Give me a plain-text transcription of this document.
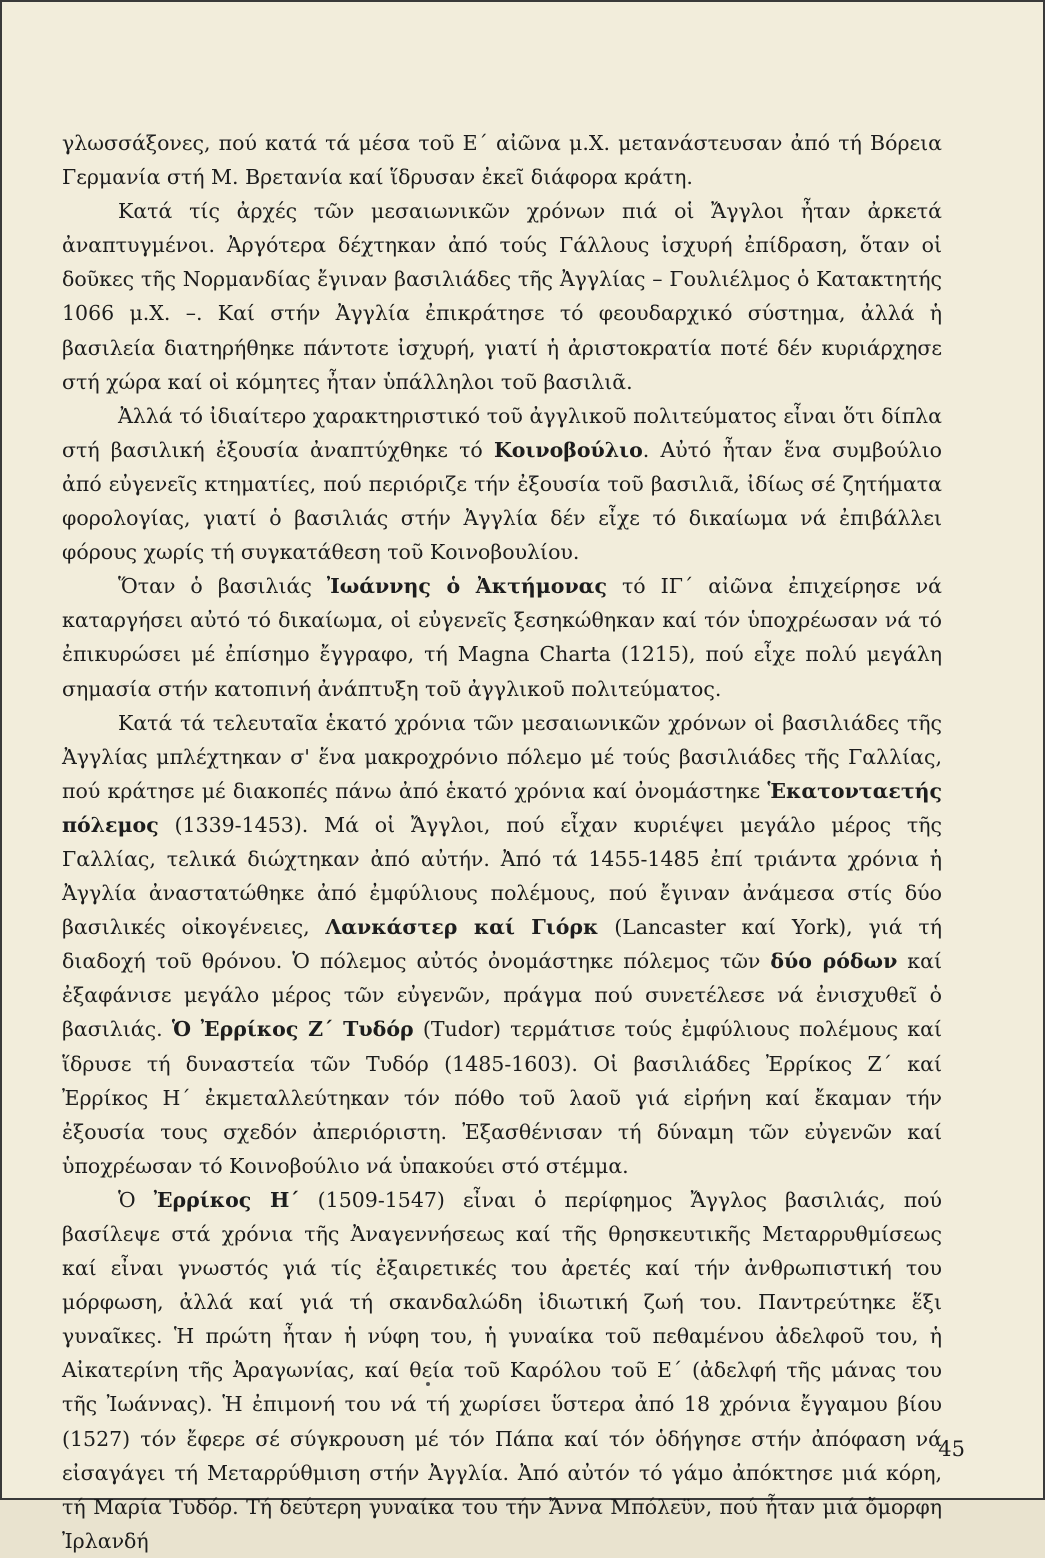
γλωσσάξονες, πού κατά τά μέσα τοῦ Ε΄ αἰῶνα μ.Χ. μετανάστευσαν ἀπό τή Βόρεια Γερμανία στή Μ. Βρετανία καί ἵδρυσαν ἐκεῖ διάφορα κράτη.

Κατά τίς ἀρχές τῶν μεσαιωνικῶν χρόνων πιά οἱ Ἄγγλοι ἦταν ἀρκετά ἀναπτυγμένοι. Ἀργότερα δέχτηκαν ἀπό τούς Γάλλους ἰσχυρή ἐπίδραση, ὅταν οἱ δοῦκες τῆς Νορμανδίας ἔγιναν βασιλιάδες τῆς Ἀγγλίας – Γουλιέλμος ὁ Κατακτητής 1066 μ.Χ. –. Καί στήν Ἀγγλία ἐπικράτησε τό φεουδαρχικό σύστημα, ἀλλά ἡ βασιλεία διατηρήθηκε πάντοτε ἰσχυρή, γιατί ἡ ἀριστοκρατία ποτέ δέν κυριάρχησε στή χώρα καί οἱ κόμητες ἦταν ὑπάλληλοι τοῦ βασιλιᾶ.

Ἀλλά τό ἰδιαίτερο χαρακτηριστικό τοῦ ἀγγλικοῦ πολιτεύματος εἶναι ὅτι δίπλα στή βασιλική ἐξουσία ἀναπτύχθηκε τό Κοινοβούλιο. Αὐτό ἦταν ἕνα συμβούλιο ἀπό εὐγενεῖς κτηματίες, πού περιόριζε τήν ἐξουσία τοῦ βασιλιᾶ, ἰδίως σέ ζητήματα φορολογίας, γιατί ὁ βασιλιάς στήν Ἀγγλία δέν εἶχε τό δικαίωμα νά ἐπιβάλλει φόρους χωρίς τή συγκατάθεση τοῦ Κοινοβουλίου.

Ὅταν ὁ βασιλιάς Ἰωάννης ὁ Ἀκτήμονας τό ΙΓ΄ αἰῶνα ἐπιχείρησε νά καταργήσει αὐτό τό δικαίωμα, οἱ εὐγενεῖς ξεσηκώθηκαν καί τόν ὑποχρέωσαν νά τό ἐπικυρώσει μέ ἐπίσημο ἔγγραφο, τή Magna Charta (1215), πού εἶχε πολύ μεγάλη σημασία στήν κατοπινή ἀνάπτυξη τοῦ ἀγγλικοῦ πολιτεύματος.

Κατά τά τελευταῖα ἑκατό χρόνια τῶν μεσαιωνικῶν χρόνων οἱ βασιλιάδες τῆς Ἀγγλίας μπλέχτηκαν σ' ἕνα μακροχρόνιο πόλεμο μέ τούς βασιλιάδες τῆς Γαλλίας, πού κράτησε μέ διακοπές πάνω ἀπό ἑκατό χρόνια καί ὀνομάστηκε Ἑκατονταετής πόλεμος (1339-1453). Μά οἱ Ἄγγλοι, πού εἶχαν κυριέψει μεγάλο μέρος τῆς Γαλλίας, τελικά διώχτηκαν ἀπό αὐτήν. Ἀπό τά 1455-1485 ἐπί τριάντα χρόνια ἡ Ἀγγλία ἀναστατώθηκε ἀπό ἐμφύλιους πολέμους, πού ἔγιναν ἀνάμεσα στίς δύο βασιλικές οἰκογένειες, Λανκάστερ καί Γιόρκ (Lancaster καί York), γιά τή διαδοχή τοῦ θρόνου. Ὁ πόλεμος αὐτός ὀνομάστηκε πόλεμος τῶν δύο ρόδων καί ἐξαφάνισε μεγάλο μέρος τῶν εὐγενῶν, πράγμα πού συνετέλεσε νά ἐνισχυθεῖ ὁ βασιλιάς. Ὁ Ἐρρίκος Ζ΄ Τυδόρ (Tudor) τερμάτισε τούς ἐμφύλιους πολέμους καί ἵδρυσε τή δυναστεία τῶν Τυδόρ (1485-1603). Οἱ βασιλιάδες Ἐρρίκος Ζ΄ καί Ἐρρίκος Η΄ ἐκμεταλλεύτηκαν τόν πόθο τοῦ λαοῦ γιά εἰρήνη καί ἔκαμαν τήν ἐξουσία τους σχεδόν ἀπεριόριστη. Ἐξασθένισαν τή δύναμη τῶν εὐγενῶν καί ὑποχρέωσαν τό Κοινοβούλιο νά ὑπακούει στό στέμμα.

Ὁ Ἐρρίκος Η΄ (1509-1547) εἶναι ὁ περίφημος Ἄγγλος βασιλιάς, πού βασίλεψε στά χρόνια τῆς Ἀναγεννήσεως καί τῆς θρησκευτικῆς Μεταρρυθμίσεως καί εἶναι γνωστός γιά τίς ἐξαιρετικές του ἀρετές καί τήν ἀνθρωπιστική του μόρφωση, ἀλλά καί γιά τή σκανδαλώδη ἰδιωτική ζωή του. Παντρεύτηκε ἕξι γυναῖκες. Ἡ πρώτη ἦταν ἡ νύφη του, ἡ γυναίκα τοῦ πεθαμένου ἀδελφοῦ του, ἡ Αἰκατερίνη τῆς Ἀραγωνίας, καί θεία τοῦ Καρόλου τοῦ Ε΄ (ἀδελφή τῆς μάνας του τῆς Ἰωάννας). Ἡ ἐπιμονή του νά τή χωρίσει ὕστερα ἀπό 18 χρόνια ἔγγαμου βίου (1527) τόν ἔφερε σέ σύγκρουση μέ τόν Πάπα καί τόν ὁδήγησε στήν ἀπόφαση νά εἰσαγάγει τή Μεταρρύθμιση στήν Ἀγγλία. Ἀπό αὐτόν τό γάμο ἀπόκτησε μιά κόρη, τή Μαρία Τυδόρ. Τή δεύτερη γυναίκα του τήν Ἄννα Μπόλεϋν, πού ἦταν μιά ὄμορφη Ἰρλανδή

45
